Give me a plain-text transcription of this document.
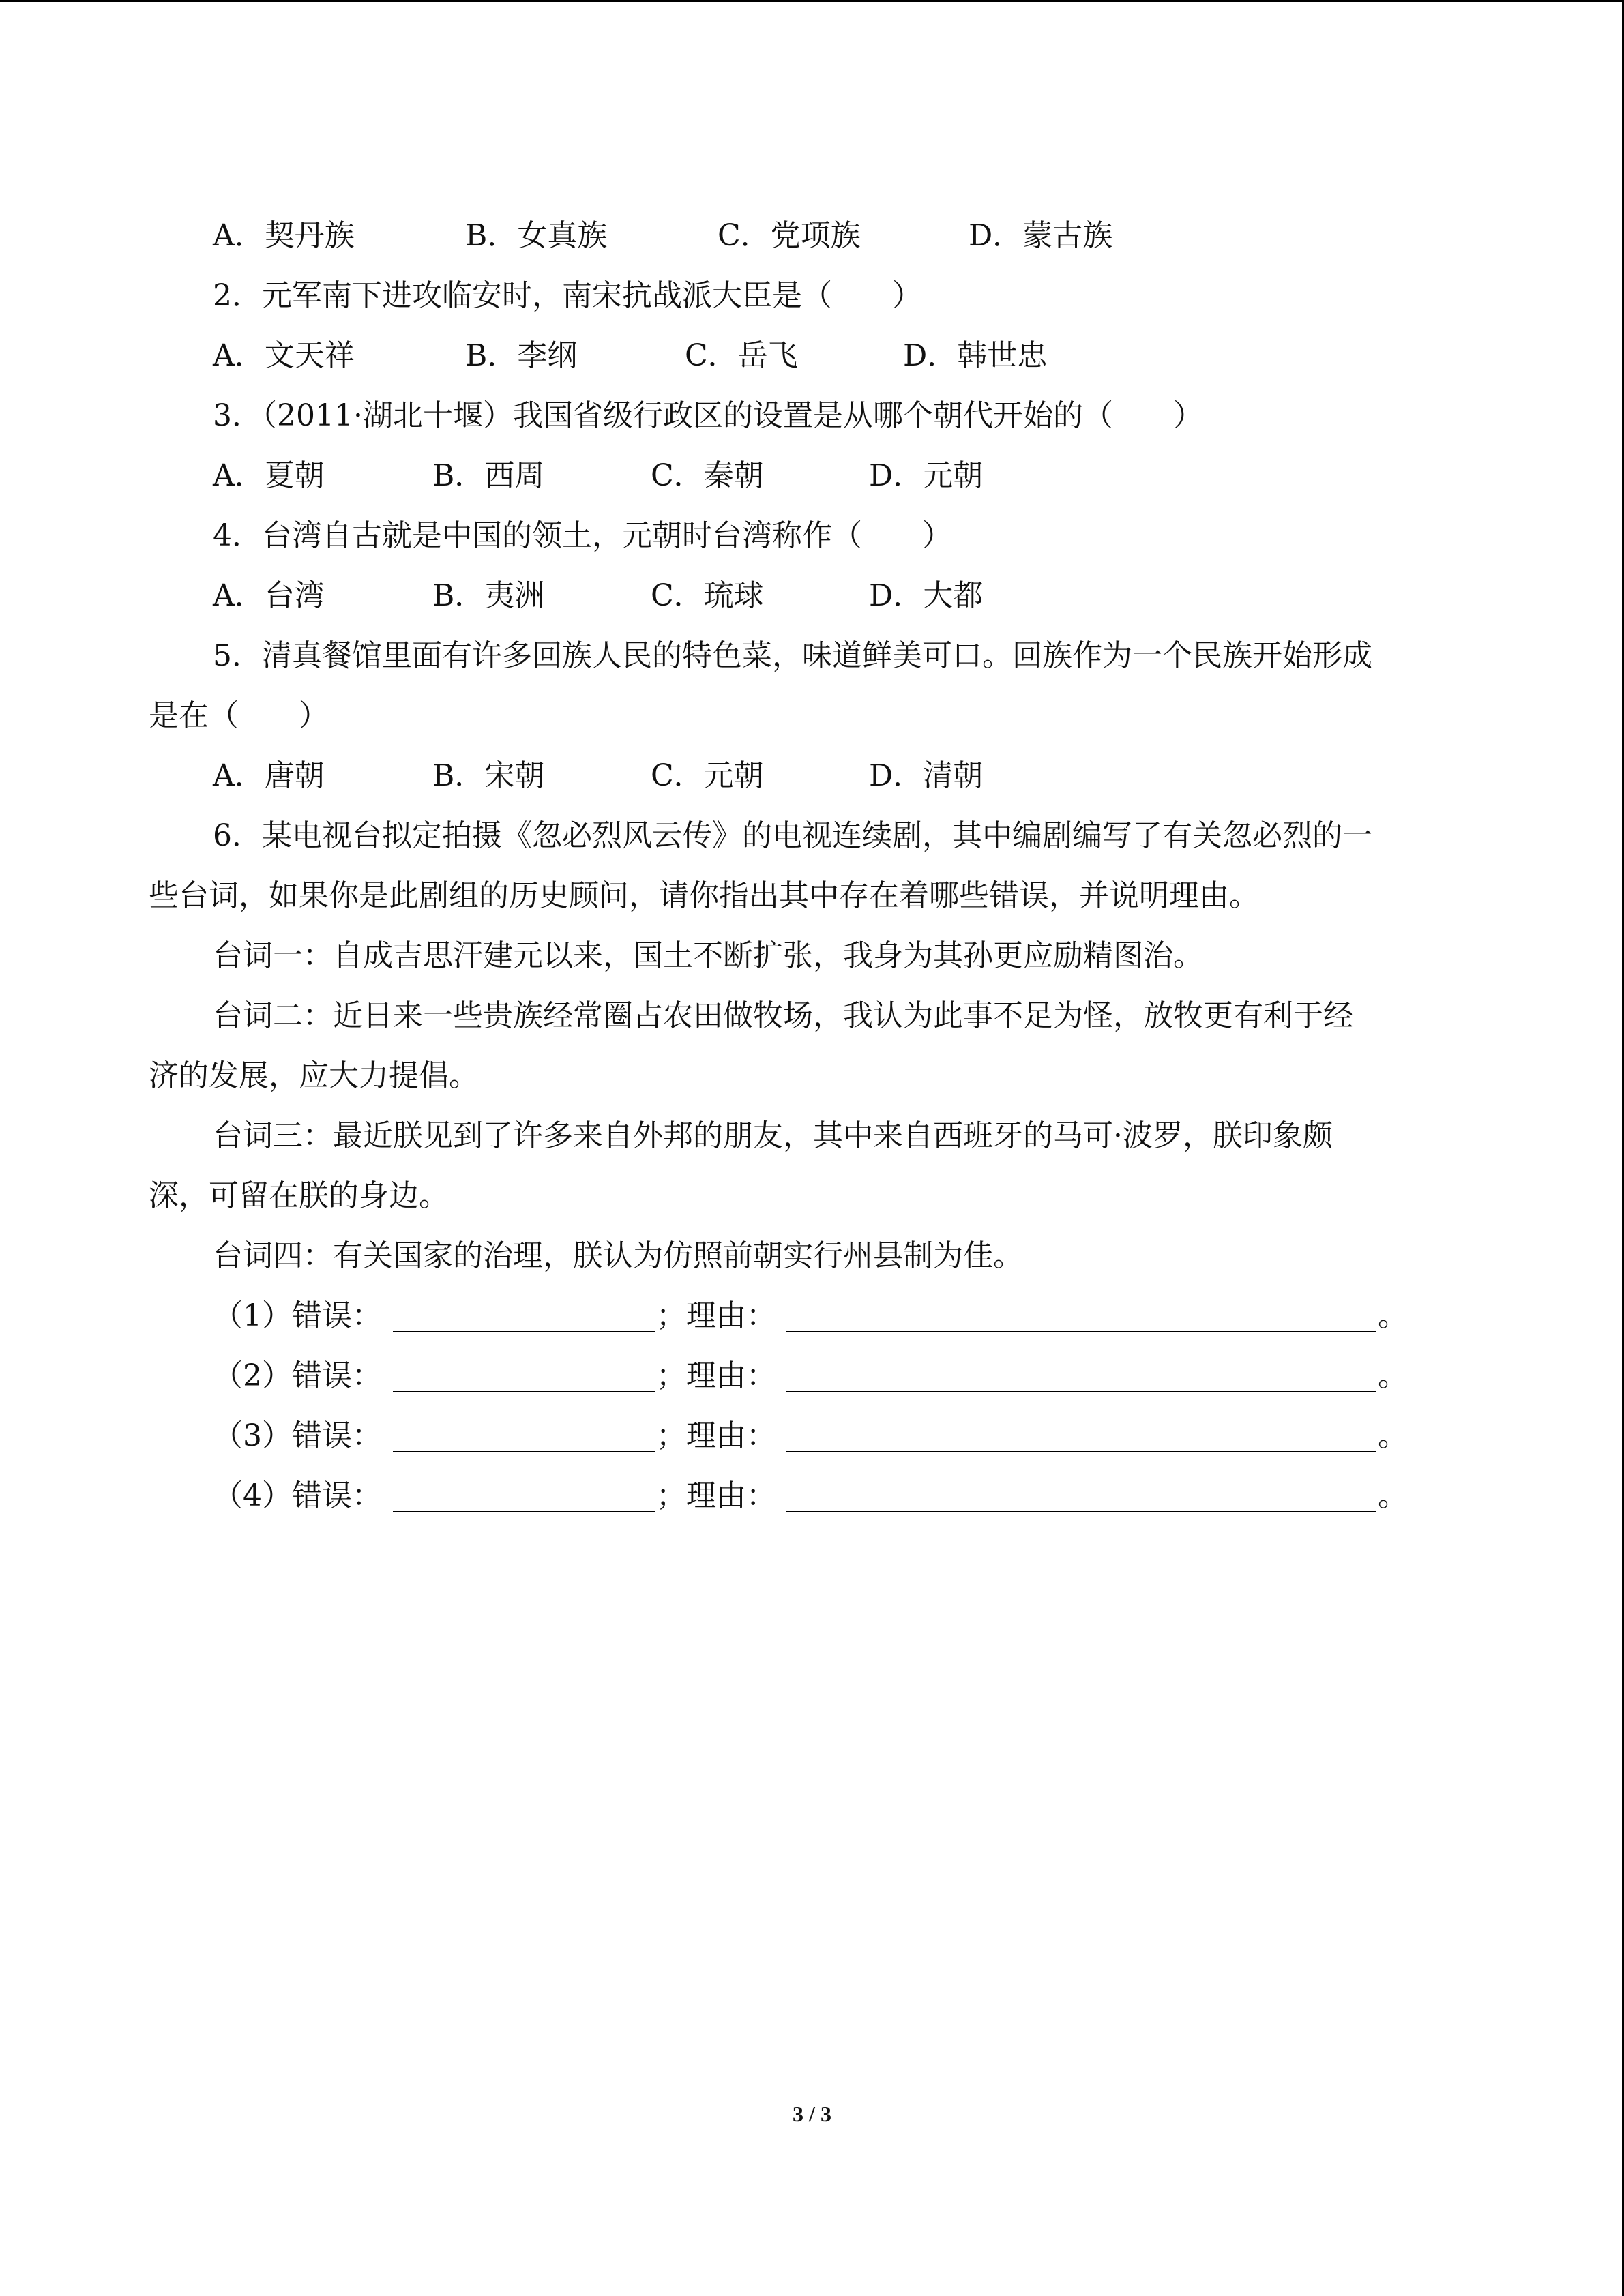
A．契丹族	B．女真族	C．党项族	D．蒙古族
2．元军南下进攻临安时，南宋抗战派大臣是（　　）
A．文天祥	B．李纲	C．岳飞	D．韩世忠
3．（2011·湖北十堰）我国省级行政区的设置是从哪个朝代开始的（　　）
A．夏朝	B．西周	C．秦朝	D．元朝
4．台湾自古就是中国的领土，元朝时台湾称作（　　）
A．台湾	B．夷洲	C．琉球	D．大都
5．清真餐馆里面有许多回族人民的特色菜，味道鲜美可口。回族作为一个民族开始形成
是在（　　）
A．唐朝	B．宋朝	C．元朝	D．清朝
6．某电视台拟定拍摄《忽必烈风云传》的电视连续剧，其中编剧编写了有关忽必烈的一
些台词，如果你是此剧组的历史顾问，请你指出其中存在着哪些错误，并说明理由。
台词一：自成吉思汗建元以来，国土不断扩张，我身为其孙更应励精图治。
台词二：近日来一些贵族经常圈占农田做牧场，我认为此事不足为怪，放牧更有利于经
济的发展，应大力提倡。
台词三：最近朕见到了许多来自外邦的朋友，其中来自西班牙的马可·波罗，朕印象颇
深，可留在朕的身边。
台词四：有关国家的治理，朕认为仿照前朝实行州县制为佳。
（1）错误：	；理由：	。
（2）错误：	；理由：	。
（3）错误：	；理由：	。
（4）错误：	；理由：	。
3 / 3
